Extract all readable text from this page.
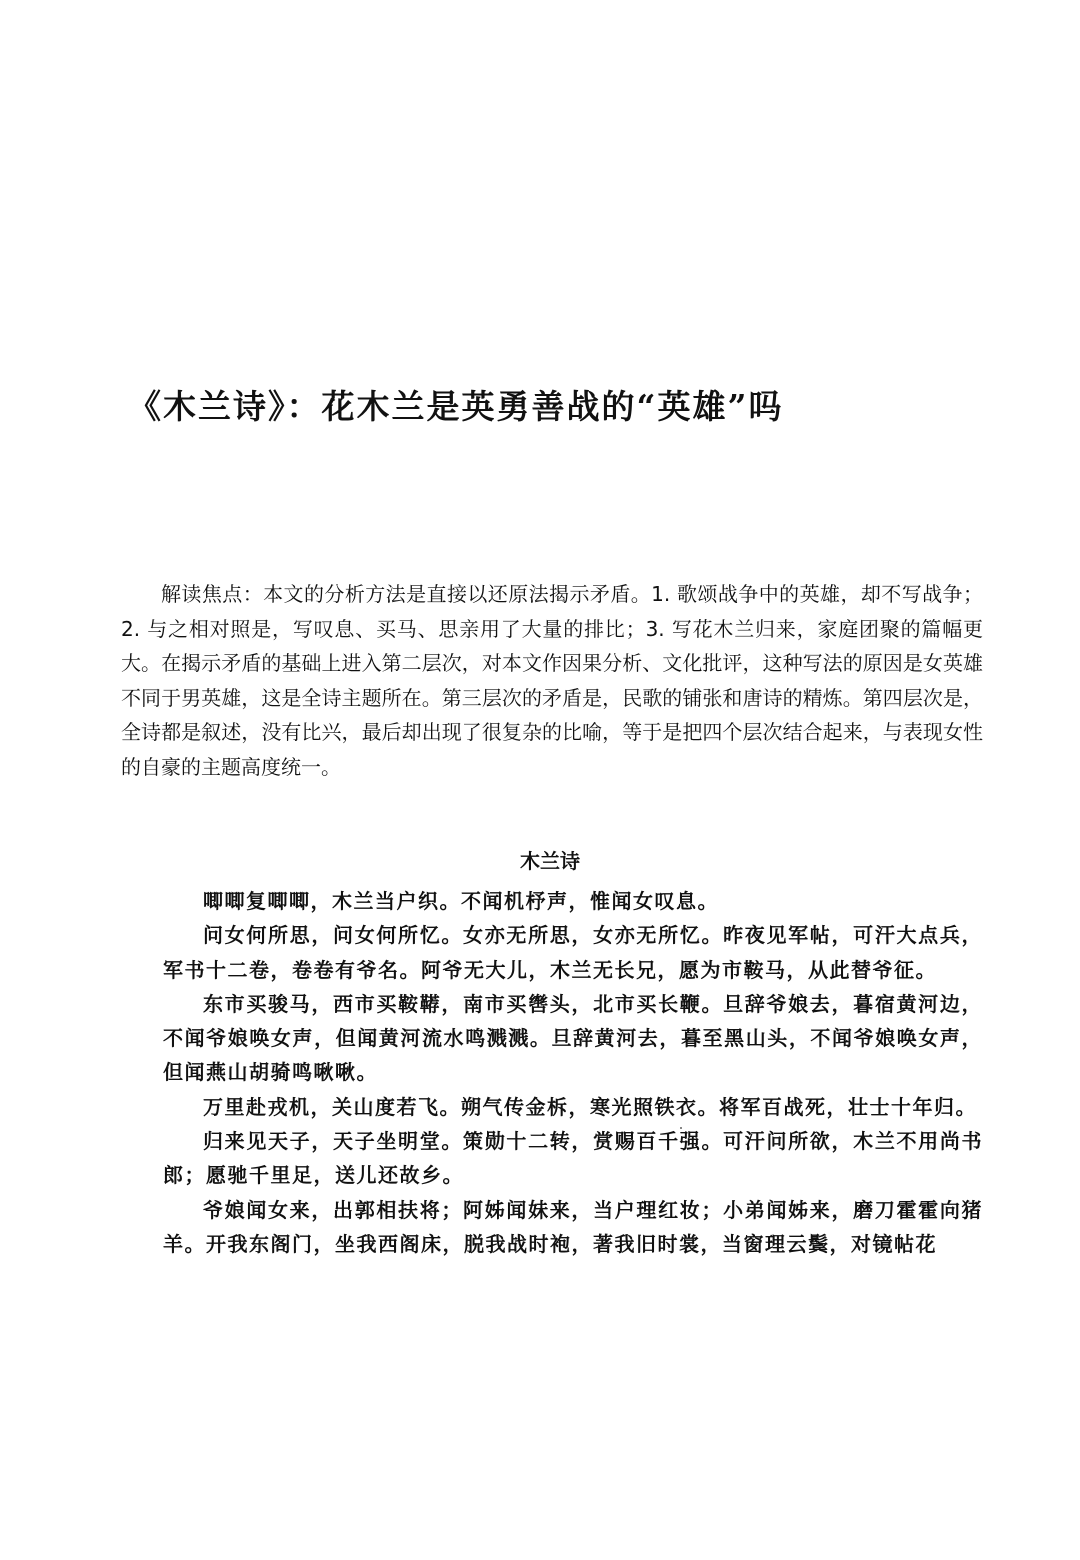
《木兰诗》：花木兰是英勇善战的“英雄”吗

解读焦点：本文的分析方法是直接以还原法揭示矛盾。1. 歌颂战争中的英雄，却不写战争；2. 与之相对照是，写叹息、买马、思亲用了大量的排比；3. 写花木兰归来，家庭团聚的篇幅更大。在揭示矛盾的基础上进入第二层次，对本文作因果分析、文化批评，这种写法的原因是女英雄不同于男英雄，这是全诗主题所在。第三层次的矛盾是，民歌的铺张和唐诗的精炼。第四层次是，全诗都是叙述，没有比兴，最后却出现了很复杂的比喻，等于是把四个层次结合起来，与表现女性的自豪的主题高度统一。

木兰诗

唧唧复唧唧，木兰当户织。不闻机杼声，惟闻女叹息。

问女何所思，问女何所忆。女亦无所思，女亦无所忆。昨夜见军帖，可汗大点兵，军书十二卷，卷卷有爷名。阿爷无大儿，木兰无长兄，愿为市鞍马，从此替爷征。

东市买骏马，西市买鞍鞯，南市买辔头，北市买长鞭。旦辞爷娘去，暮宿黄河边，不闻爷娘唤女声，但闻黄河流水鸣溅溅。旦辞黄河去，暮至黑山头，不闻爷娘唤女声，但闻燕山胡骑鸣啾啾。

万里赴戎机，关山度若飞。朔气传金柝，寒光照铁衣。将军百战死，壮士十年归。

归来见天子，天子坐明堂。策勋十二转，赏赐百千强。可汗问所欲，木兰不用尚书郎；愿驰千里足，送儿还故乡。

爷娘闻女来，出郭相扶将；阿姊闻妹来，当户理红妆；小弟闻姊来，磨刀霍霍向猪羊。开我东阁门，坐我西阁床，脱我战时袍，著我旧时裳，当窗理云鬓，对镜帖花
